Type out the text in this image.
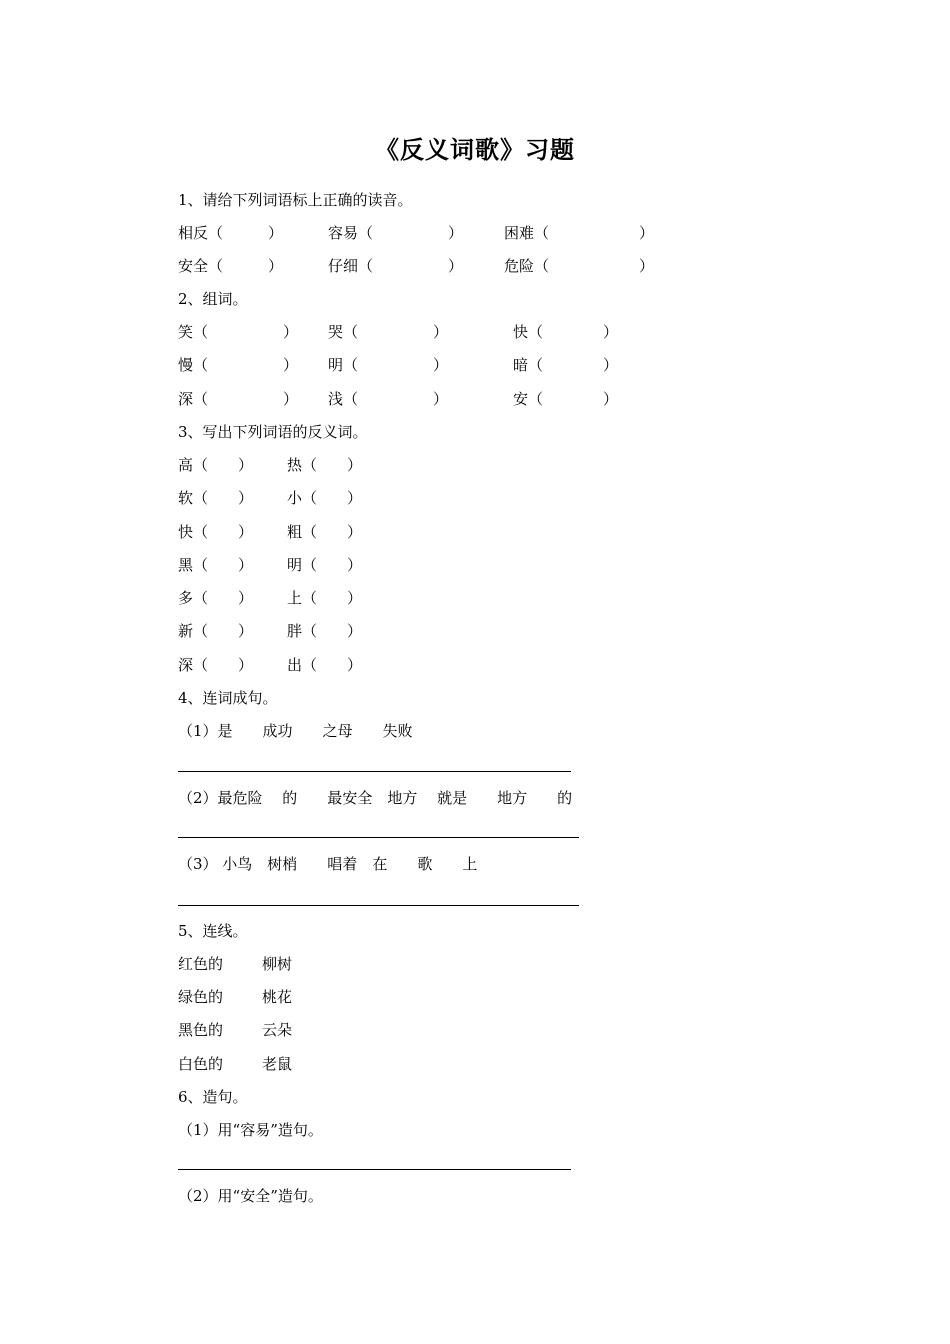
《反义词歌》习题
1、请给下列词语标上正确的读音。
相反（　　　）	容易（　　　　　）	困难（　　　　　　）
安全（　　　）	仔细（　　　　　）	危险（　　　　　　）
2、组词。
笑（　　　　　） 哭（　　　　　）	快（　　　　）
慢（　　　　　） 明（　　　　　）	暗（　　　　）
深（　　　　　） 浅（　　　　　）	安（　　　　）
3、写出下列词语的反义词。
高（　　） 热（　　）
软（　　） 小（　　）
快（　　） 粗（　　）
黑（　　） 明（　　）
多（　　） 上（　　）
新（　　） 胖（　　）
深（　　） 出（　　）
4、连词成句。
（1）是　　成功　　之母　　失败
（2）最危险　 的　　最安全　地方　 就是　　地方　　的
（3） 小鸟　树梢　　唱着　在　　歌　　上
5、连线。
红色的	柳树
绿色的	桃花
黑色的	云朵
白色的	老鼠
6、造句。
（1）用“容易”造句。
（2）用“安全”造句。
